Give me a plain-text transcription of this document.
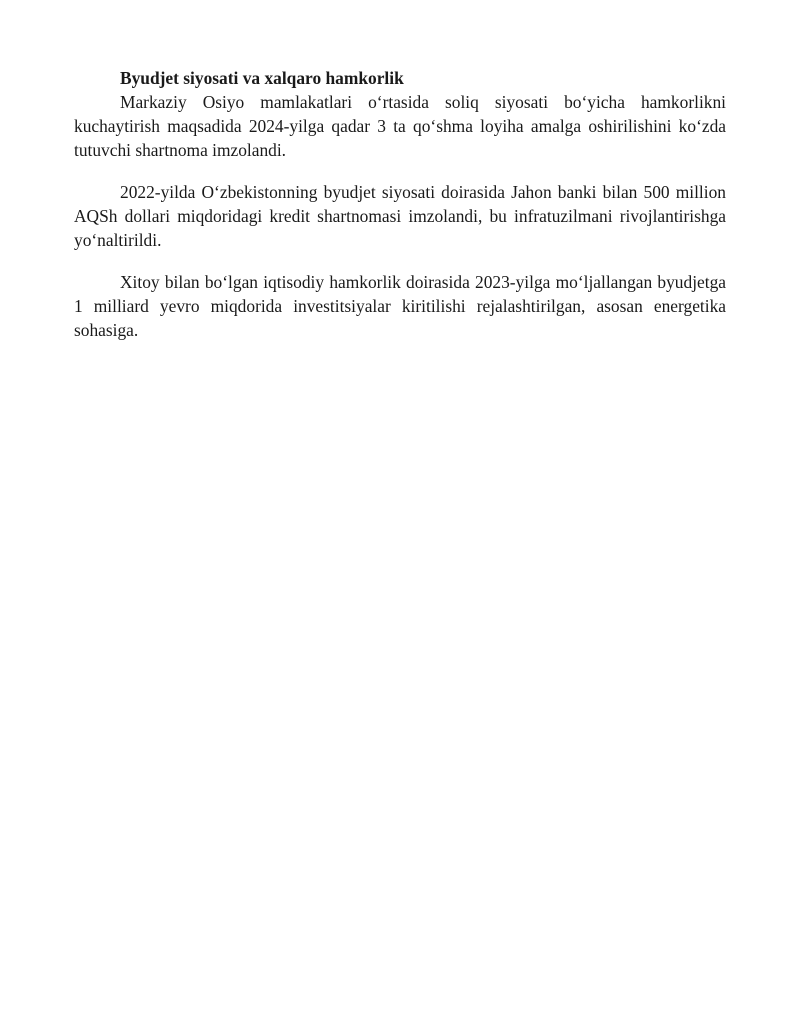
Byudjet siyosati va xalqaro hamkorlik

Markaziy Osiyo mamlakatlari o‘rtasida soliq siyosati bo‘yicha hamkorlikni kuchaytirish maqsadida 2024-yilga qadar 3 ta qo‘shma loyiha amalga oshirilishini ko‘zda tutuvchi shartnoma imzolandi.

2022-yilda O‘zbekistonning byudjet siyosati doirasida Jahon banki bilan 500 million AQSh dollari miqdoridagi kredit shartnomasi imzolandi, bu infratuzilmani rivojlantirishga yo‘naltirildi.

Xitoy bilan bo‘lgan iqtisodiy hamkorlik doirasida 2023-yilga mo‘ljallangan byudjetga 1 milliard yevro miqdorida investitsiyalar kiritilishi rejalashtirilgan, asosan energetika sohasiga.
